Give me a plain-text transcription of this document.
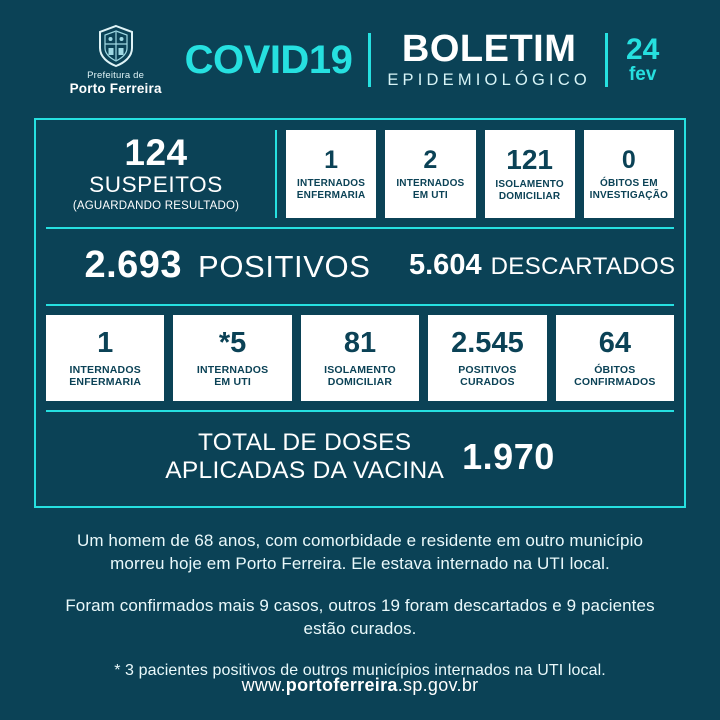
Prefeitura de
Porto Ferreira
COVID19 BOLETIM
EPIDEMIOLÓGICO
24
fev
124
SUSPEITOS
(AGUARDANDO RESULTADO)
1
INTERNADOS
ENFERMARIA
2
INTERNADOS
EM UTI
121
ISOLAMENTO
DOMICILIAR
0
ÓBITOS EM
INVESTIGAÇÃO
2.693 POSITIVOS 5.604 DESCARTADOS
1
INTERNADOS
ENFERMARIA
*5
INTERNADOS
EM UTI
81
ISOLAMENTO
DOMICILIAR
2.545
POSITIVOS
CURADOS
64
ÓBITOS
CONFIRMADOS
TOTAL DE DOSES
APLICADAS DA VACINA 1.970

Um homem de 68 anos, com comorbidade e residente em outro município morreu hoje em Porto Ferreira. Ele estava internado na UTI local.

Foram confirmados mais 9 casos, outros 19 foram descartados e 9 pacientes estão curados.

* 3 pacientes positivos de outros municípios internados na UTI local.

www.portoferreira.sp.gov.br
